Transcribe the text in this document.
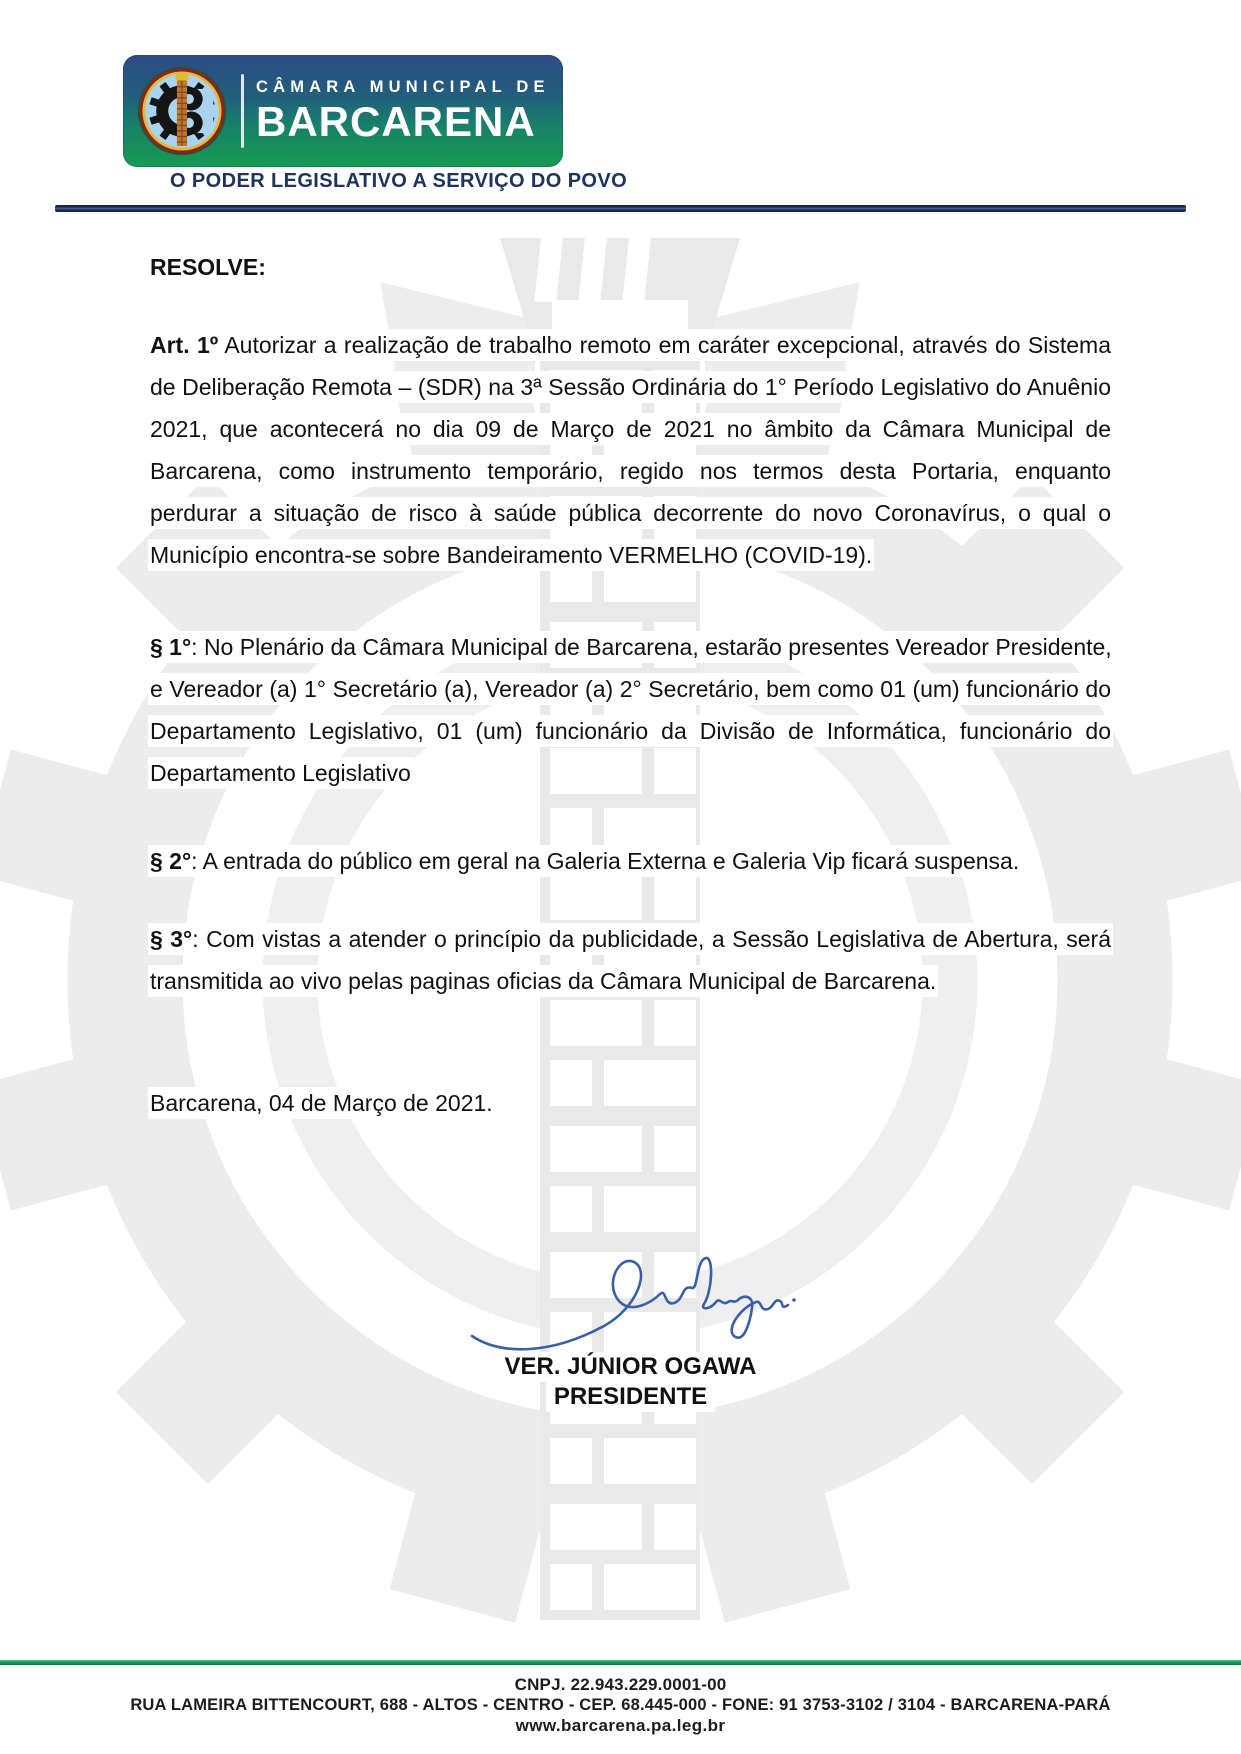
CÂMARA MUNICIPAL DE
BARCARENA
O PODER LEGISLATIVO A SERVIÇO DO POVO

RESOLVE:

Art. 1º Autorizar a realização de trabalho remoto em caráter excepcional, através do Sistema de Deliberação Remota – (SDR) na 3ª Sessão Ordinária do 1° Período Legislativo do Anuênio 2021, que acontecerá no dia 09 de Março de 2021 no âmbito da Câmara Municipal de Barcarena, como instrumento temporário, regido nos termos desta Portaria, enquanto perdurar a situação de risco à saúde pública decorrente do novo Coronavírus, o qual o Município encontra-se sobre Bandeiramento VERMELHO (COVID-19).

§ 1°: No Plenário da Câmara Municipal de Barcarena, estarão presentes Vereador Presidente, e Vereador (a) 1° Secretário (a), Vereador (a) 2° Secretário, bem como 01 (um) funcionário do Departamento Legislativo, 01 (um) funcionário da Divisão de Informática, funcionário do Departamento Legislativo

§ 2°: A entrada do público em geral na Galeria Externa e Galeria Vip ficará suspensa.

§ 3°: Com vistas a atender o princípio da publicidade, a Sessão Legislativa de Abertura, será transmitida ao vivo pelas paginas oficias da Câmara Municipal de Barcarena.

Barcarena, 04 de Março de 2021.

VER. JÚNIOR OGAWA
PRESIDENTE
CNPJ. 22.943.229.0001-00
RUA LAMEIRA BITTENCOURT, 688 - ALTOS - CENTRO - CEP. 68.445-000 - FONE: 91 3753-3102 / 3104 - BARCARENA-PARÁ
www.barcarena.pa.leg.br
